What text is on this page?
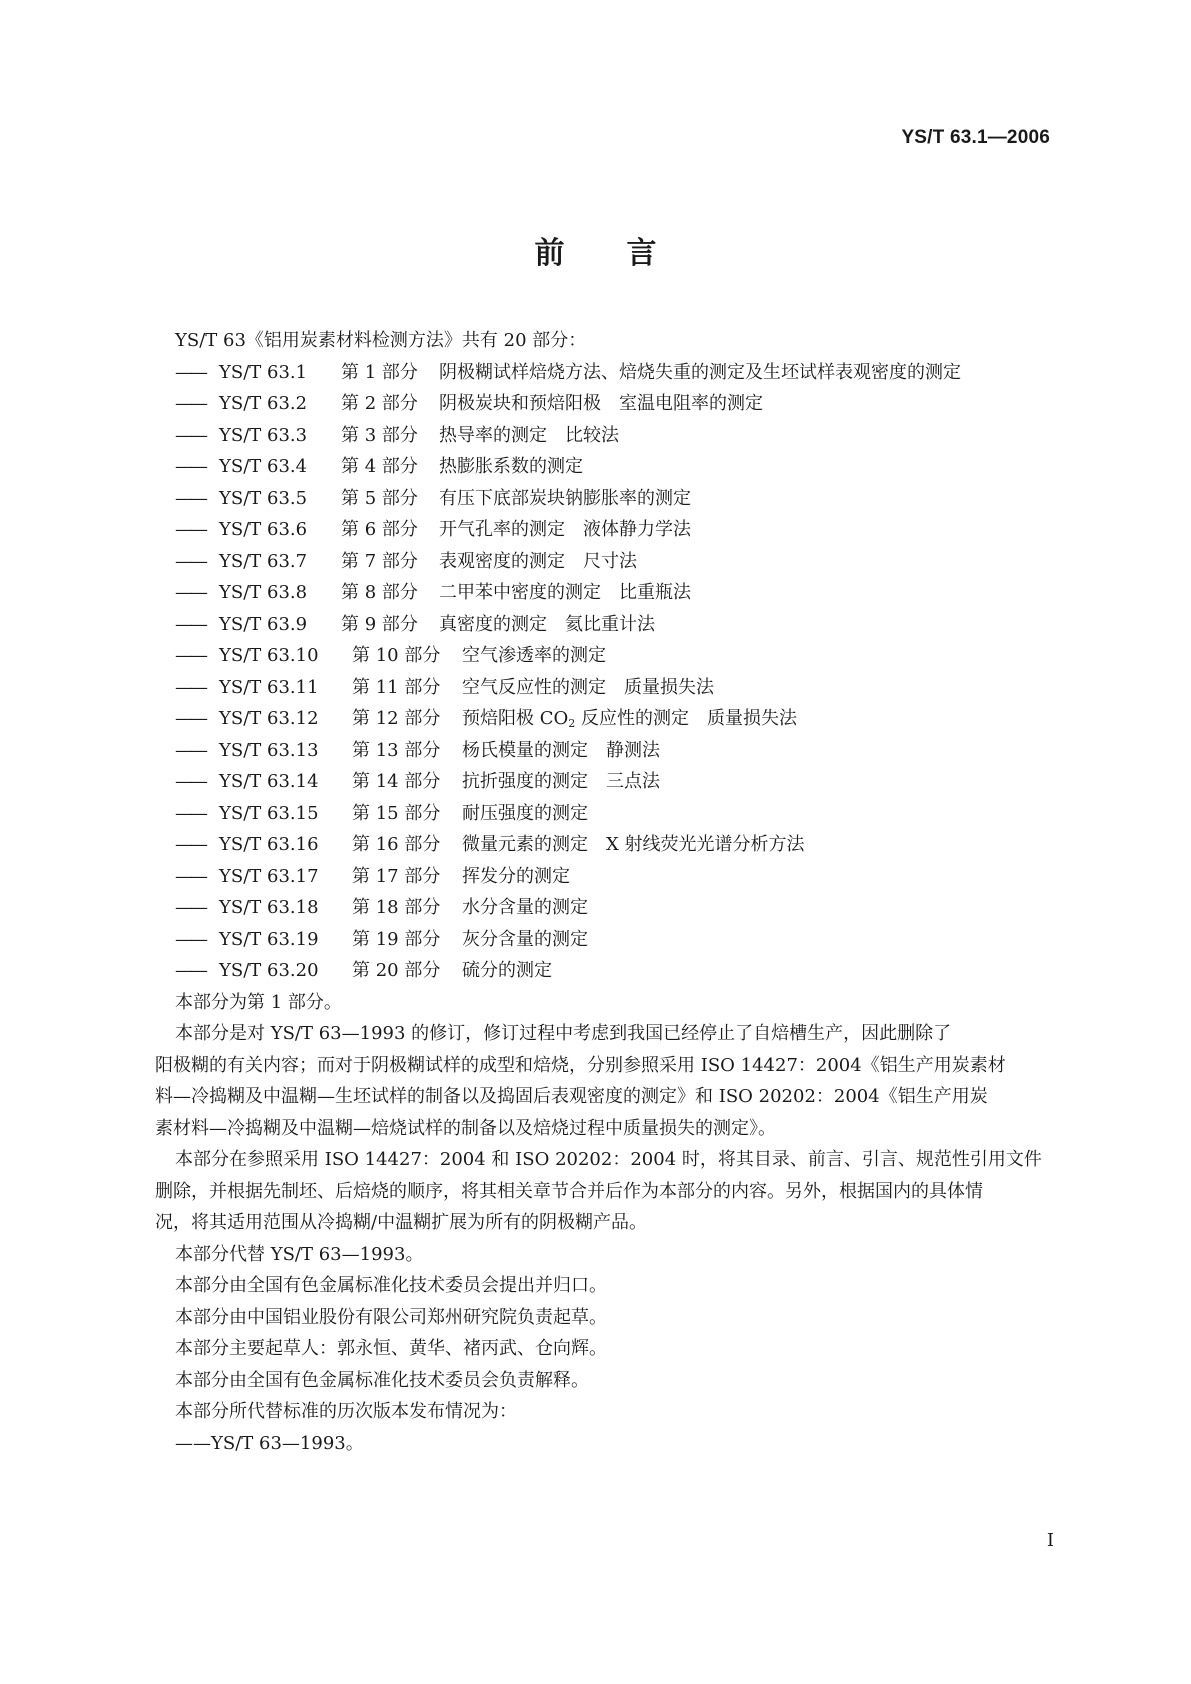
YS/T 63.1—2006
前言
YS/T 63《铝用炭素材料检测方法》共有 20 部分：
—— YS/T 63.1	第 1 部分	阴极糊试样焙烧方法、焙烧失重的测定及生坯试样表观密度的测定
—— YS/T 63.2	第 2 部分	阴极炭块和预焙阳极　室温电阻率的测定
—— YS/T 63.3	第 3 部分	热导率的测定　比较法
—— YS/T 63.4	第 4 部分	热膨胀系数的测定
—— YS/T 63.5	第 5 部分	有压下底部炭块钠膨胀率的测定
—— YS/T 63.6	第 6 部分	开气孔率的测定　液体静力学法
—— YS/T 63.7	第 7 部分	表观密度的测定　尺寸法
—— YS/T 63.8	第 8 部分	二甲苯中密度的测定　比重瓶法
—— YS/T 63.9	第 9 部分	真密度的测定　氦比重计法
—— YS/T 63.10	第 10 部分	空气渗透率的测定
—— YS/T 63.11	第 11 部分	空气反应性的测定　质量损失法
—— YS/T 63.12	第 12 部分	预焙阳极 $CO_2$ 反应性的测定　质量损失法
—— YS/T 63.13	第 13 部分	杨氏模量的测定　静测法
—— YS/T 63.14	第 14 部分	抗折强度的测定　三点法
—— YS/T 63.15	第 15 部分	耐压强度的测定
—— YS/T 63.16	第 16 部分	微量元素的测定　X 射线荧光光谱分析方法
—— YS/T 63.17	第 17 部分	挥发分的测定
—— YS/T 63.18	第 18 部分	水分含量的测定
—— YS/T 63.19	第 19 部分	灰分含量的测定
—— YS/T 63.20	第 20 部分	硫分的测定
本部分为第 1 部分。
本部分是对 YS/T 63—1993 的修订，修订过程中考虑到我国已经停止了自焙槽生产，因此删除了
阳极糊的有关内容；而对于阴极糊试样的成型和焙烧，分别参照采用 ISO 14427：2004《铝生产用炭素材
料—冷捣糊及中温糊—生坯试样的制备以及捣固后表观密度的测定》和 ISO 20202：2004《铝生产用炭
素材料—冷捣糊及中温糊—焙烧试样的制备以及焙烧过程中质量损失的测定》。
本部分在参照采用 ISO 14427：2004 和 ISO 20202：2004 时，将其目录、前言、引言、规范性引用文件
删除，并根据先制坯、后焙烧的顺序，将其相关章节合并后作为本部分的内容。另外，根据国内的具体情
况，将其适用范围从冷捣糊/中温糊扩展为所有的阴极糊产品。
本部分代替 YS/T 63—1993。
本部分由全国有色金属标准化技术委员会提出并归口。
本部分由中国铝业股份有限公司郑州研究院负责起草。
本部分主要起草人：郭永恒、黄华、褚丙武、仓向辉。
本部分由全国有色金属标准化技术委员会负责解释。
本部分所代替标准的历次版本发布情况为：
——YS/T 63—1993。
I
